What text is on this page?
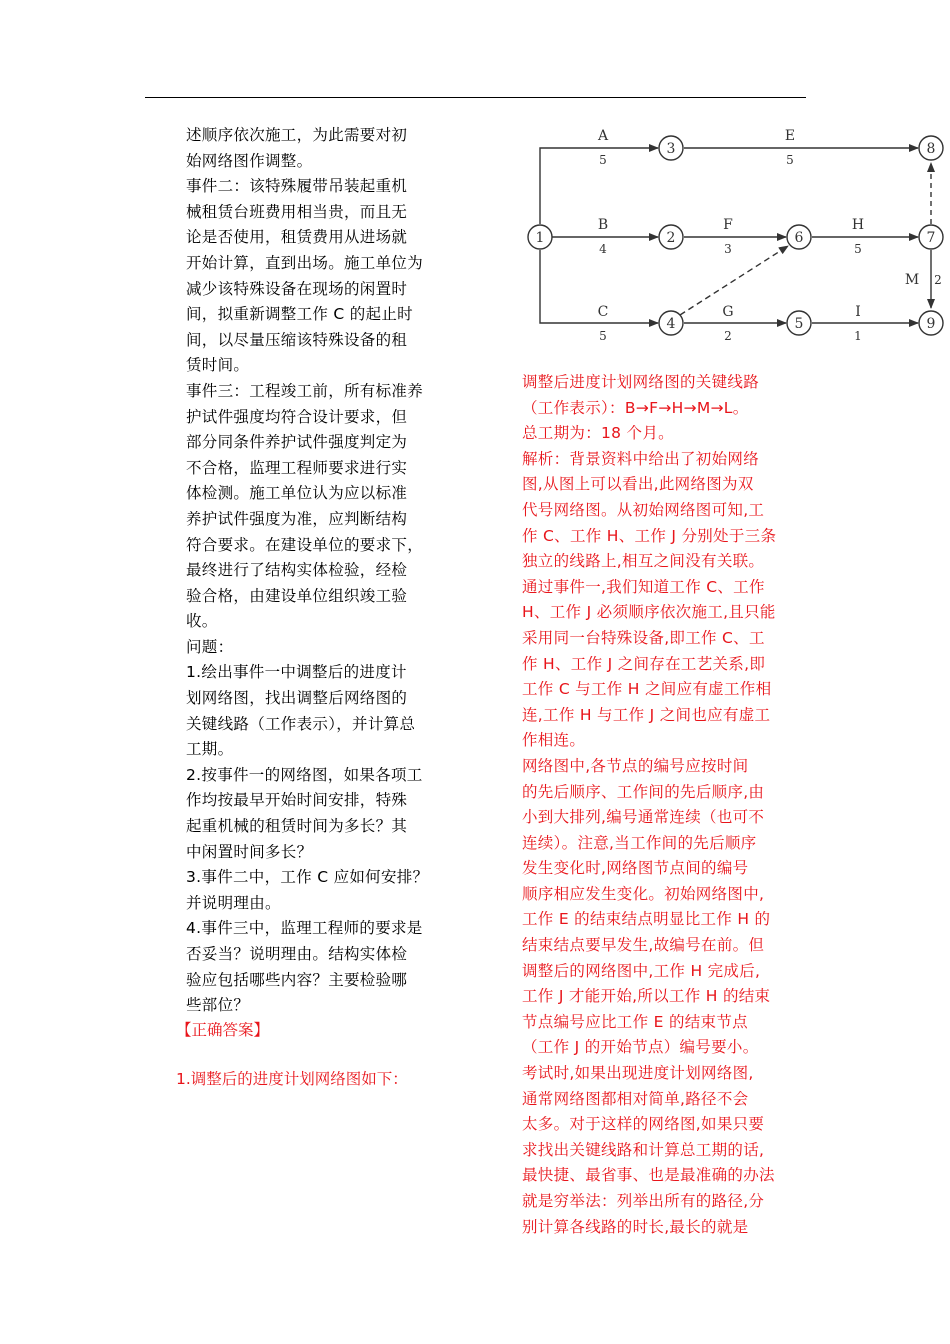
述顺序依次施工，为此需要对初

始网络图作调整。

事件二：该特殊履带吊装起重机

械租赁台班费用相当贵，而且无

论是否使用，租赁费用从进场就

开始计算，直到出场。施工单位为

减少该特殊设备在现场的闲置时

间，拟重新调整工作 C 的起止时

间，以尽量压缩该特殊设备的租

赁时间。

事件三：工程竣工前，所有标准养

护试件强度均符合设计要求，但

部分同条件养护试件强度判定为

不合格，监理工程师要求进行实

体检测。施工单位认为应以标准

养护试件强度为准，应判断结构

符合要求。在建设单位的要求下，

最终进行了结构实体检验，经检

验合格，由建设单位组织竣工验

收。

问题：

1.绘出事件一中调整后的进度计

划网络图，找出调整后网络图的

关键线路（工作表示），并计算总

工期。

2.按事件一的网络图，如果各项工

作均按最早开始时间安排，特殊

起重机械的租赁时间为多长？其

中闲置时间多长？

3.事件二中，工作 C 应如何安排？

并说明理由。

4.事件三中，监理工程师的要求是

否妥当？说明理由。结构实体检

验应包括哪些内容？主要检验哪

些部位？

【正确答案】
1.调整后的进度计划网络图如下：
1
3	8
2	6	7
4	5	9
A
5
E
5
B
4
F
3
H
5
C
5
G
2
I
1
M 2

调整后进度计划网络图的关键线路

（工作表示）：B→F→H→M→L。

总工期为：18 个月。

解析：背景资料中给出了初始网络

图,从图上可以看出,此网络图为双

代号网络图。从初始网络图可知,工

作 C、工作 H、工作 J 分别处于三条

独立的线路上,相互之间没有关联。

通过事件一,我们知道工作 C、工作

H、工作 J 必须顺序依次施工,且只能

采用同一台特殊设备,即工作 C、工

作 H、工作 J 之间存在工艺关系,即

工作 C 与工作 H 之间应有虚工作相

连,工作 H 与工作 J 之间也应有虚工

作相连。

网络图中,各节点的编号应按时间

的先后顺序、工作间的先后顺序,由

小到大排列,编号通常连续（也可不

连续）。注意,当工作间的先后顺序

发生变化时,网络图节点间的编号

顺序相应发生变化。初始网络图中,

工作 E 的结束结点明显比工作 H 的

结束结点要早发生,故编号在前。但

调整后的网络图中,工作 H 完成后,

工作 J 才能开始,所以工作 H 的结束

节点编号应比工作 E 的结束节点

（工作 J 的开始节点）编号要小。

考试时,如果出现进度计划网络图,

通常网络图都相对简单,路径不会

太多。对于这样的网络图,如果只要

求找出关键线路和计算总工期的话,

最快捷、最省事、也是最准确的办法

就是穷举法：列举出所有的路径,分

别计算各线路的时长,最长的就是
